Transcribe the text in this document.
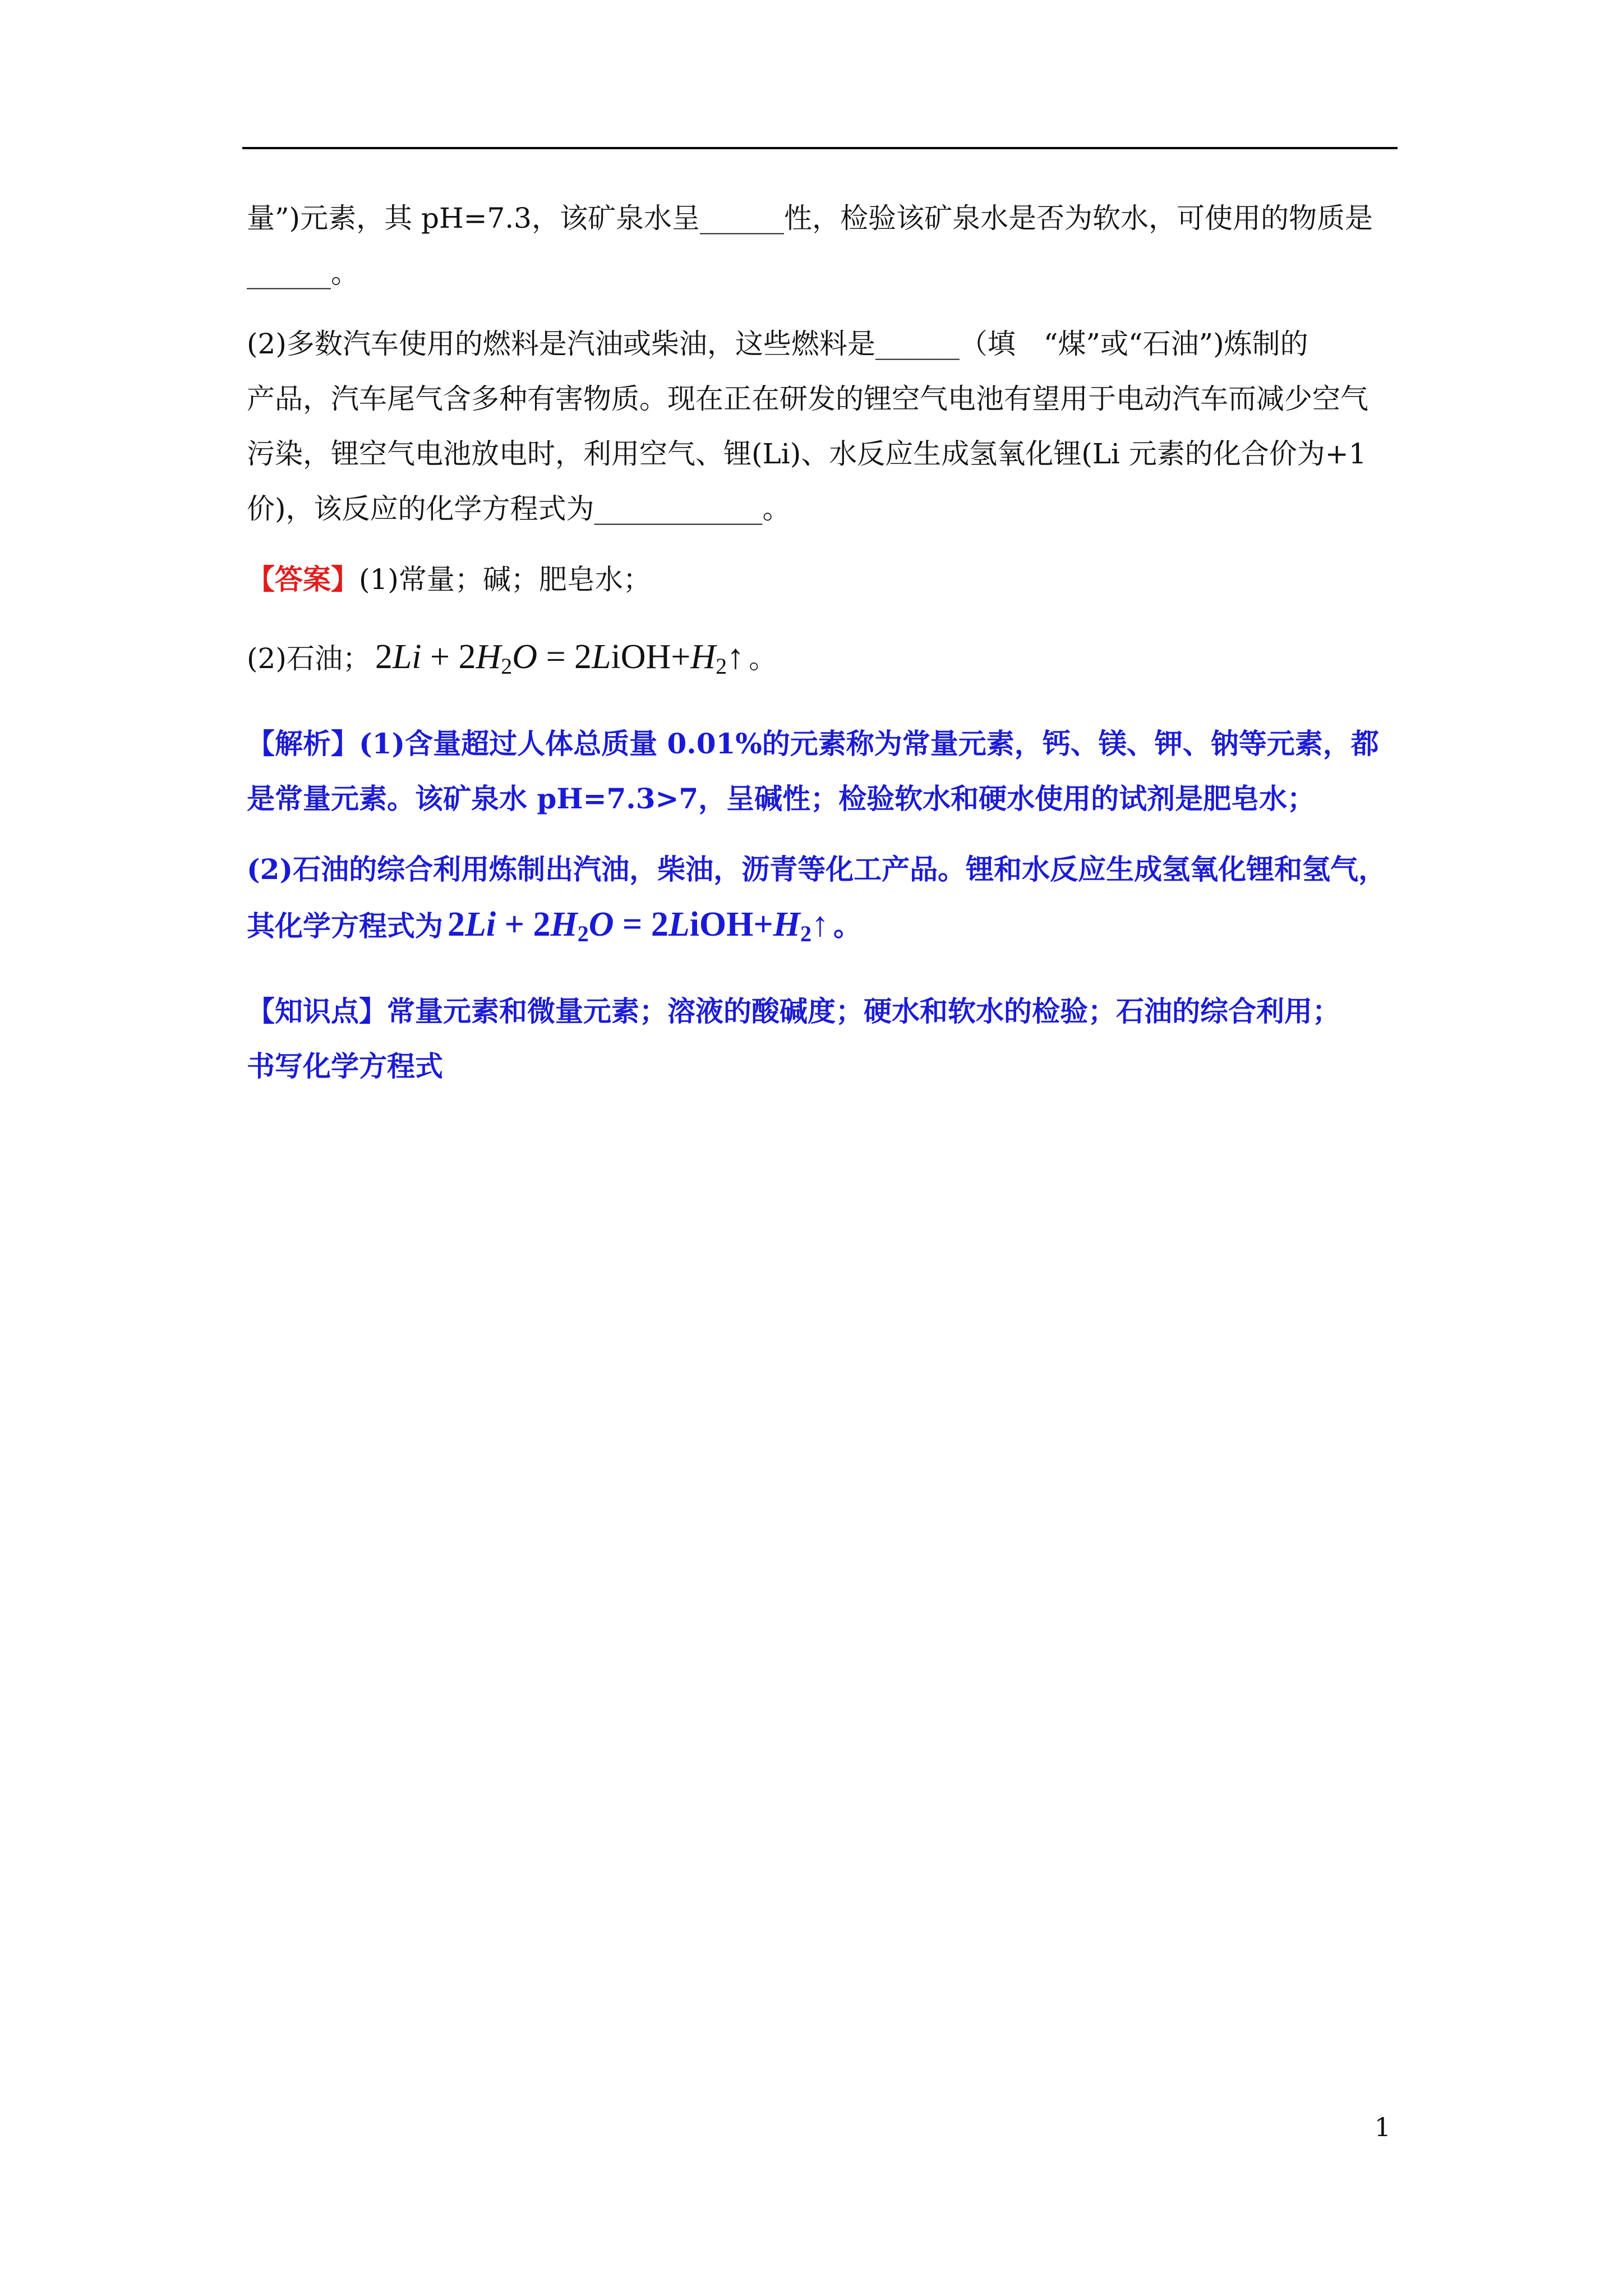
量”)元素，其 pH=7.3，该矿泉水呈______性，检验该矿泉水是否为软水，可使用的物质是

______。

(2)多数汽车使用的燃料是汽油或柴油，这些燃料是______（填　“煤”或“石油”)炼制的

产品，汽车尾气含多种有害物质。现在正在研发的锂空气电池有望用于电动汽车而减少空气

污染，锂空气电池放电时，利用空气、锂(Li)、水反应生成氢氧化锂(Li 元素的化合价为+1

价)，该反应的化学方程式为____________。

【答案】(1)常量；碱；肥皂水；

(2)石油； $2Li + 2H_2O$ = $2LiOH+H_2↑$ 。

【解析】(1)含量超过人体总质量 0.01%的元素称为常量元素，钙、镁、钾、钠等元素，都

是常量元素。该矿泉水 pH=7.3>7，呈碱性；检验软水和硬水使用的试剂是肥皂水；

(2)石油的综合利用炼制出汽油，柴油，沥青等化工产品。锂和水反应生成氢氧化锂和氢气，

其化学方程式为 $2Li + 2H_2O$ = $2LiOH+H_2↑$ 。

【知识点】常量元素和微量元素；溶液的酸碱度；硬水和软水的检验；石油的综合利用；

书写化学方程式

1
